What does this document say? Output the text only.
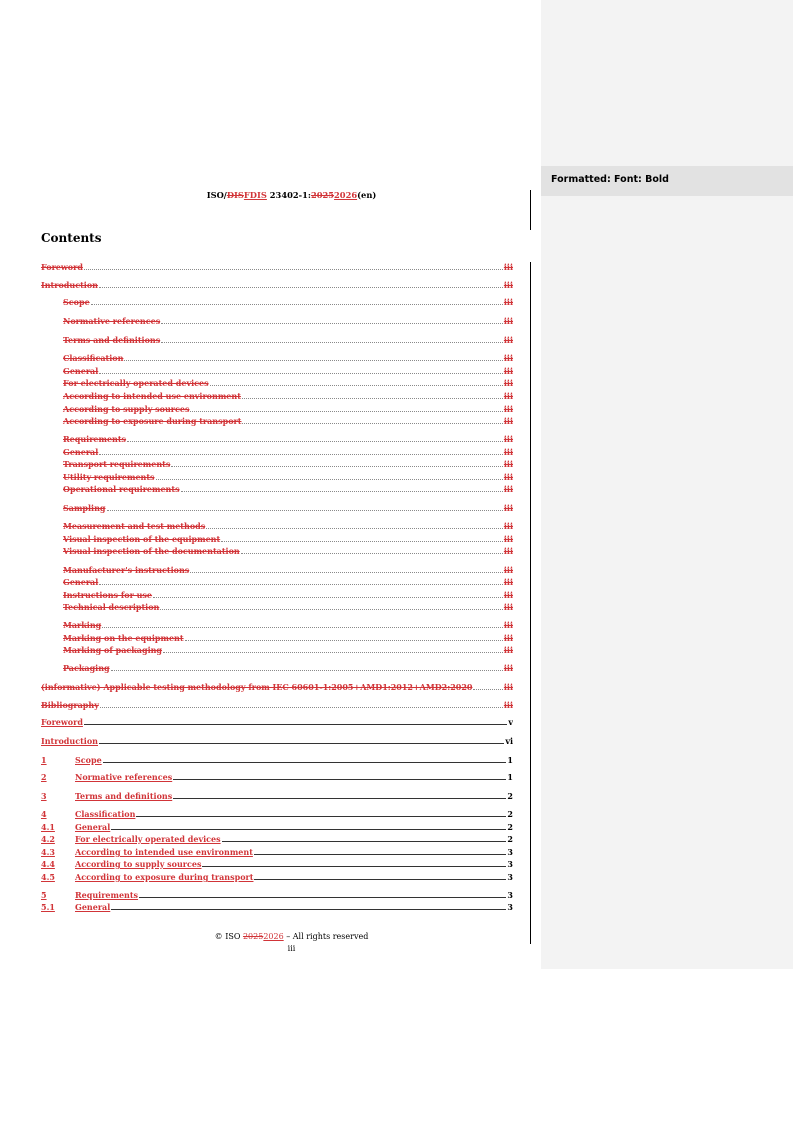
Formatted: Font: Bold
ISO/DISFDIS 23402-1:20252026(en)
Contents
Foreword	iii
Introduction	iii
Scope	iii
Normative references	iii
Terms and definitions	iii
Classification	iii
General	iii
For electrically operated devices	iii
According to intended use environment	iii
According to supply sources	iii
According to exposure during transport	iii
Requirements	iii
General	iii
Transport requirements	iii
Utility requirements	iii
Operational requirements	iii
Sampling	iii
Measurement and test methods	iii
Visual inspection of the equipment	iii
Visual inspection of the documentation	iii
Manufacturer's instructions	iii
General	iii
Instructions for use	iii
Technical description	iii
Marking	iii
Marking on the equipment	iii
Marking of packaging	iii
Packaging	iii
(informative) Applicable testing methodology from IEC 60601-1:2005+AMD1:2012+AMD2:2020	iii
Bibliography	iii
Foreword	v
Introduction	vi
1	Scope	1
2	Normative references	1
3	Terms and definitions	2
4	Classification	2
4.1	General	2
4.2	For electrically operated devices	2
4.3	According to intended use environment	3
4.4	According to supply sources	3
4.5	According to exposure during transport	3
5	Requirements	3
5.1	General	3
© ISO 20252026 – All rights reserved
iii
